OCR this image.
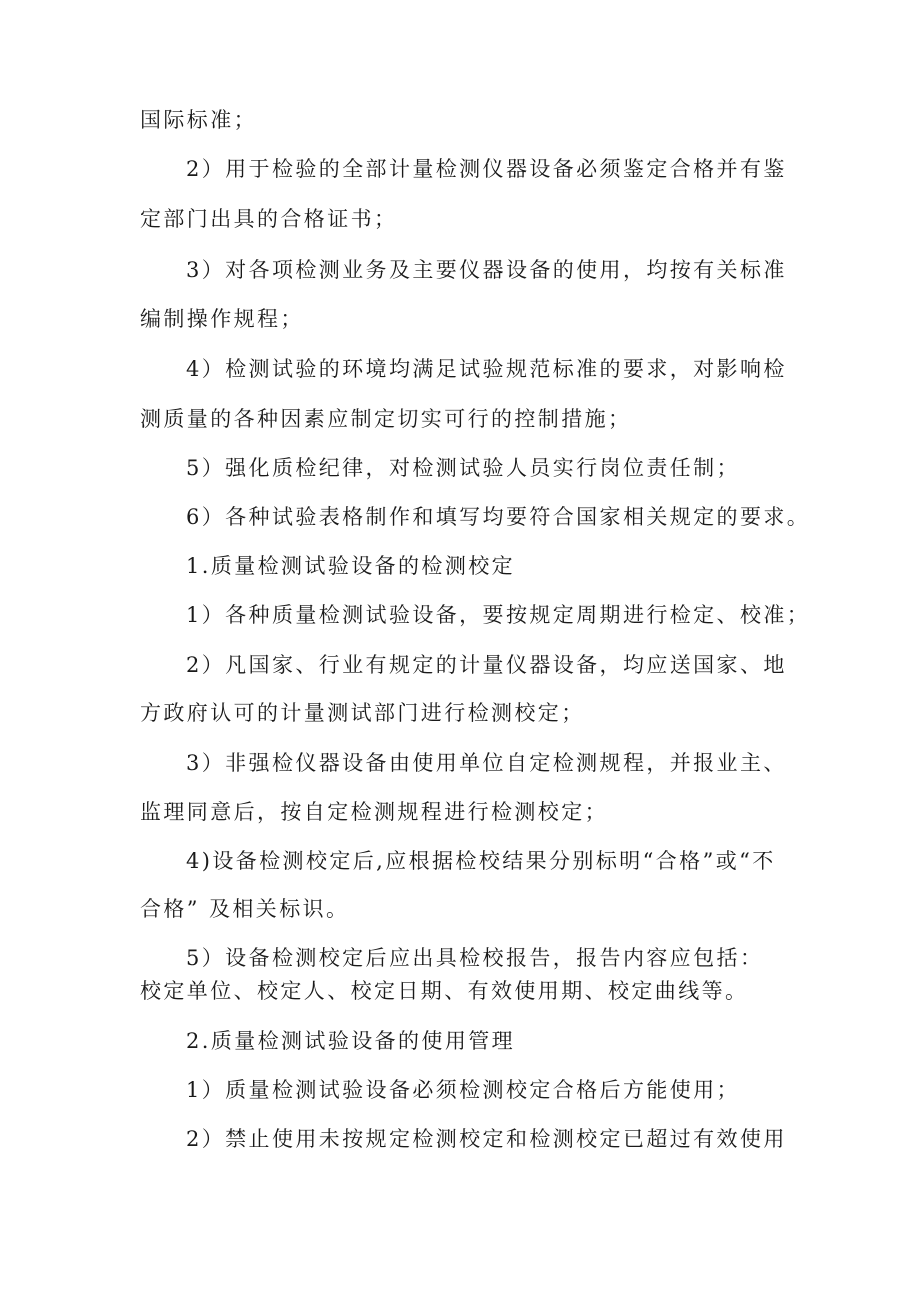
国际标准；

2）用于检验的全部计量检测仪器设备必须鉴定合格并有鉴

定部门出具的合格证书；

3）对各项检测业务及主要仪器设备的使用，均按有关标准

编制操作规程；

4）检测试验的环境均满足试验规范标准的要求，对影响检

测质量的各种因素应制定切实可行的控制措施；

5）强化质检纪律，对检测试验人员实行岗位责任制；

6）各种试验表格制作和填写均要符合国家相关规定的要求。

1.质量检测试验设备的检测校定

1）各种质量检测试验设备，要按规定周期进行检定、校准；

2）凡国家、行业有规定的计量仪器设备，均应送国家、地

方政府认可的计量测试部门进行检测校定；

3）非强检仪器设备由使用单位自定检测规程，并报业主、

监理同意后，按自定检测规程进行检测校定；

4)设备检测校定后,应根据检校结果分别标明“合格”或“不

合格” 及相关标识。

5）设备检测校定后应出具检校报告，报告内容应包括：

校定单位、校定人、校定日期、有效使用期、校定曲线等。

2.质量检测试验设备的使用管理

1）质量检测试验设备必须检测校定合格后方能使用；

2）禁止使用未按规定检测校定和检测校定已超过有效使用
